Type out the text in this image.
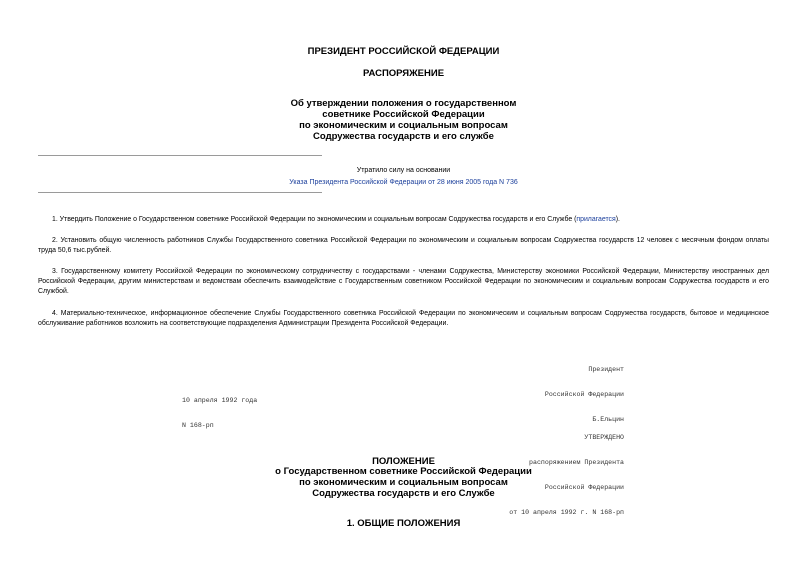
ПРЕЗИДЕНТ РОССИЙСКОЙ ФЕДЕРАЦИИ
РАСПОРЯЖЕНИЕ
Об утверждении положения о государственном
советнике Российской Федерации
по экономическим и социальным вопросам
Содружества государств и его службе
Утратило силу на основании
Указа Президента Российской Федерации от 28 июня 2005 года N 736
1. Утвердить Положение о Государственном советнике Российской Федерации по экономическим и социальным вопросам Содружества государств и его Службе (прилагается).
2. Установить общую численность работников Службы Государственного советника Российской Федерации по экономическим и социальным вопросам Содружества государств 12 человек с месячным фондом оплаты труда 50,6 тыс.рублей.
3. Государственному комитету Российской Федерации по экономическому сотрудничеству с государствами - членами Содружества, Министерству экономики Российской Федерации, Министерству иностранных дел Российской Федерации, другим министерствам и ведомствам обеспечить взаимодействие с Государственным советником Российской Федерации по экономическим и социальным вопросам Содружества государств и его Службой.
4. Материально-техническое, информационное обеспечение Службы Государственного советника Российской Федерации по экономическим и социальным вопросам Содружества государств, бытовое и медицинское обслуживание работников возложить на соответствующие подразделения Администрации Президента Российской Федерации.

Президент

Российской Федерации

Б.Ельцин

10 апреля 1992 года

N 168-рп

УТВЕРЖДЕНО

распоряжением Президента

Российской Федерации

от 10 апреля 1992 г. N 168-рп

ПОЛОЖЕНИЕ
о Государственном советнике Российской Федерации
по экономическим и социальным вопросам
Содружества государств и его Службе
1. ОБЩИЕ ПОЛОЖЕНИЯ
